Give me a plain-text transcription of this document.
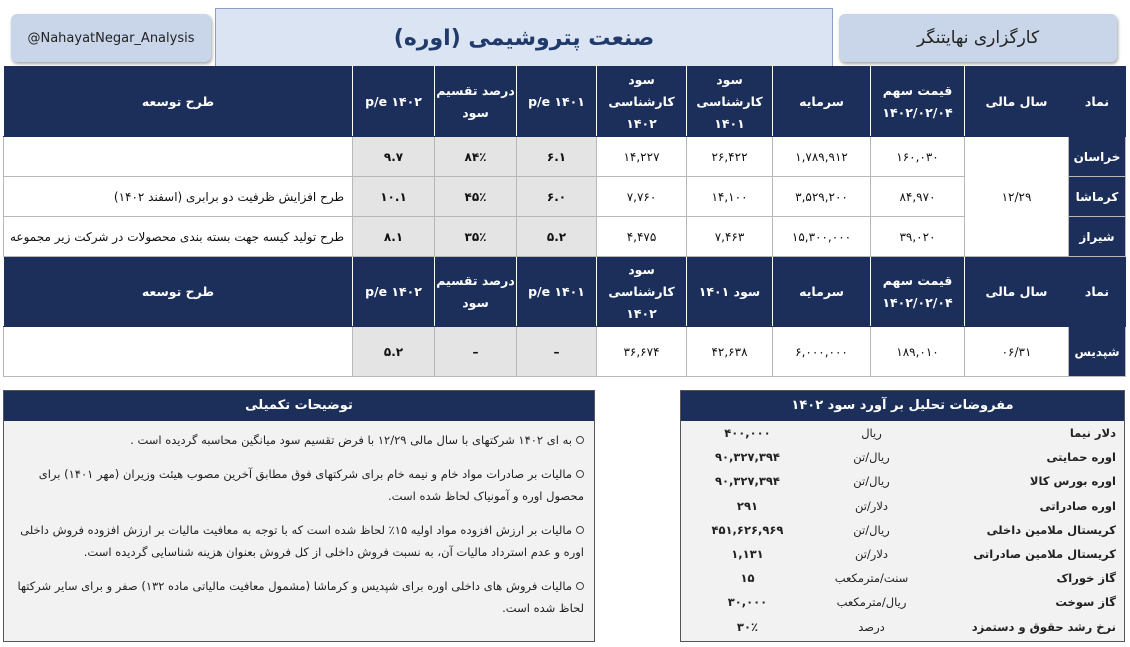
@NahayatNegar_Analysis	صنعت پتروشیمی (اوره)	کارگزاری نهایتنگر
نماد	سال مالی	قیمت سهم ۱۴۰۲/۰۲/۰۴	سرمایه	سود کارشناسی ۱۴۰۱	سود کارشناسی ۱۴۰۲	p/e ۱۴۰۱	درصد تقسیم سود	p/e ۱۴۰۲	طرح توسعه
خراسان	۱۲/۲۹	۱۶۰,۰۳۰	۱,۷۸۹,۹۱۲	۲۶,۴۲۲	۱۴,۲۲۷	۶.۱	۸۴٪	۹.۷	
کرماشا		۸۴,۹۷۰	۳,۵۲۹,۲۰۰	۱۴,۱۰۰	۷,۷۶۰	۶.۰	۴۵٪	۱۰.۱	طرح افزایش ظرفیت دو برابری (اسفند ۱۴۰۲)
شیراز		۳۹,۰۲۰	۱۵,۳۰۰,۰۰۰	۷,۴۶۳	۴,۴۷۵	۵.۲	۳۵٪	۸.۱	طرح تولید کیسه جهت بسته بندی محصولات در شرکت زیر مجموعه
نماد	سال مالی	قیمت سهم ۱۴۰۲/۰۲/۰۴	سرمایه	سود ۱۴۰۱	سود کارشناسی ۱۴۰۲	p/e ۱۴۰۱	درصد تقسیم سود	p/e ۱۴۰۲	طرح توسعه
شپدیس	۰۶/۳۱	۱۸۹,۰۱۰	۶,۰۰۰,۰۰۰	۴۲,۶۳۸	۳۶,۶۷۴	–	–	۵.۲	
توضیحات تکمیلی
به ای ۱۴۰۲ شرکتهای با سال مالی ۱۲/۲۹ با فرض تقسیم سود میانگین محاسبه گردیده است .
مالیات بر صادرات مواد خام و نیمه خام برای شرکتهای فوق مطابق آخرین مصوب هیئت وزیران (مهر ۱۴۰۱) برای محصول اوره و آمونیاک لحاظ شده است.
مالیات بر ارزش افزوده مواد اولیه ۱۵٪ لحاظ شده است که با توجه به معافیت مالیات بر ارزش افزوده فروش داخلی اوره و عدم استرداد مالیات آن، به نسبت فروش داخلی از کل فروش بعنوان هزینه شناسایی گردیده است.
مالیات فروش های داخلی اوره برای شپدیس و کرماشا (مشمول معافیت مالیاتی ماده ۱۳۲) صفر و برای سایر شرکتها لحاظ شده است.
مفروضات تحلیل بر آورد سود ۱۴۰۲
دلار نیما	ریال	۴۰۰,۰۰۰
اوره حمایتی	ریال/تن	۹۰,۳۲۷,۳۹۴
اوره بورس کالا	ریال/تن	۹۰,۳۲۷,۳۹۴
اوره صادراتی	دلار/تن	۲۹۱
کریستال ملامین داخلی	ریال/تن	۴۵۱,۶۲۶,۹۶۹
کریستال ملامین صادراتی	دلار/تن	۱,۱۳۱
گاز خوراک	سنت/مترمکعب	۱۵
گاز سوخت	ریال/مترمکعب	۳۰,۰۰۰
نرخ رشد حقوق و دستمزد	درصد	۳۰٪
